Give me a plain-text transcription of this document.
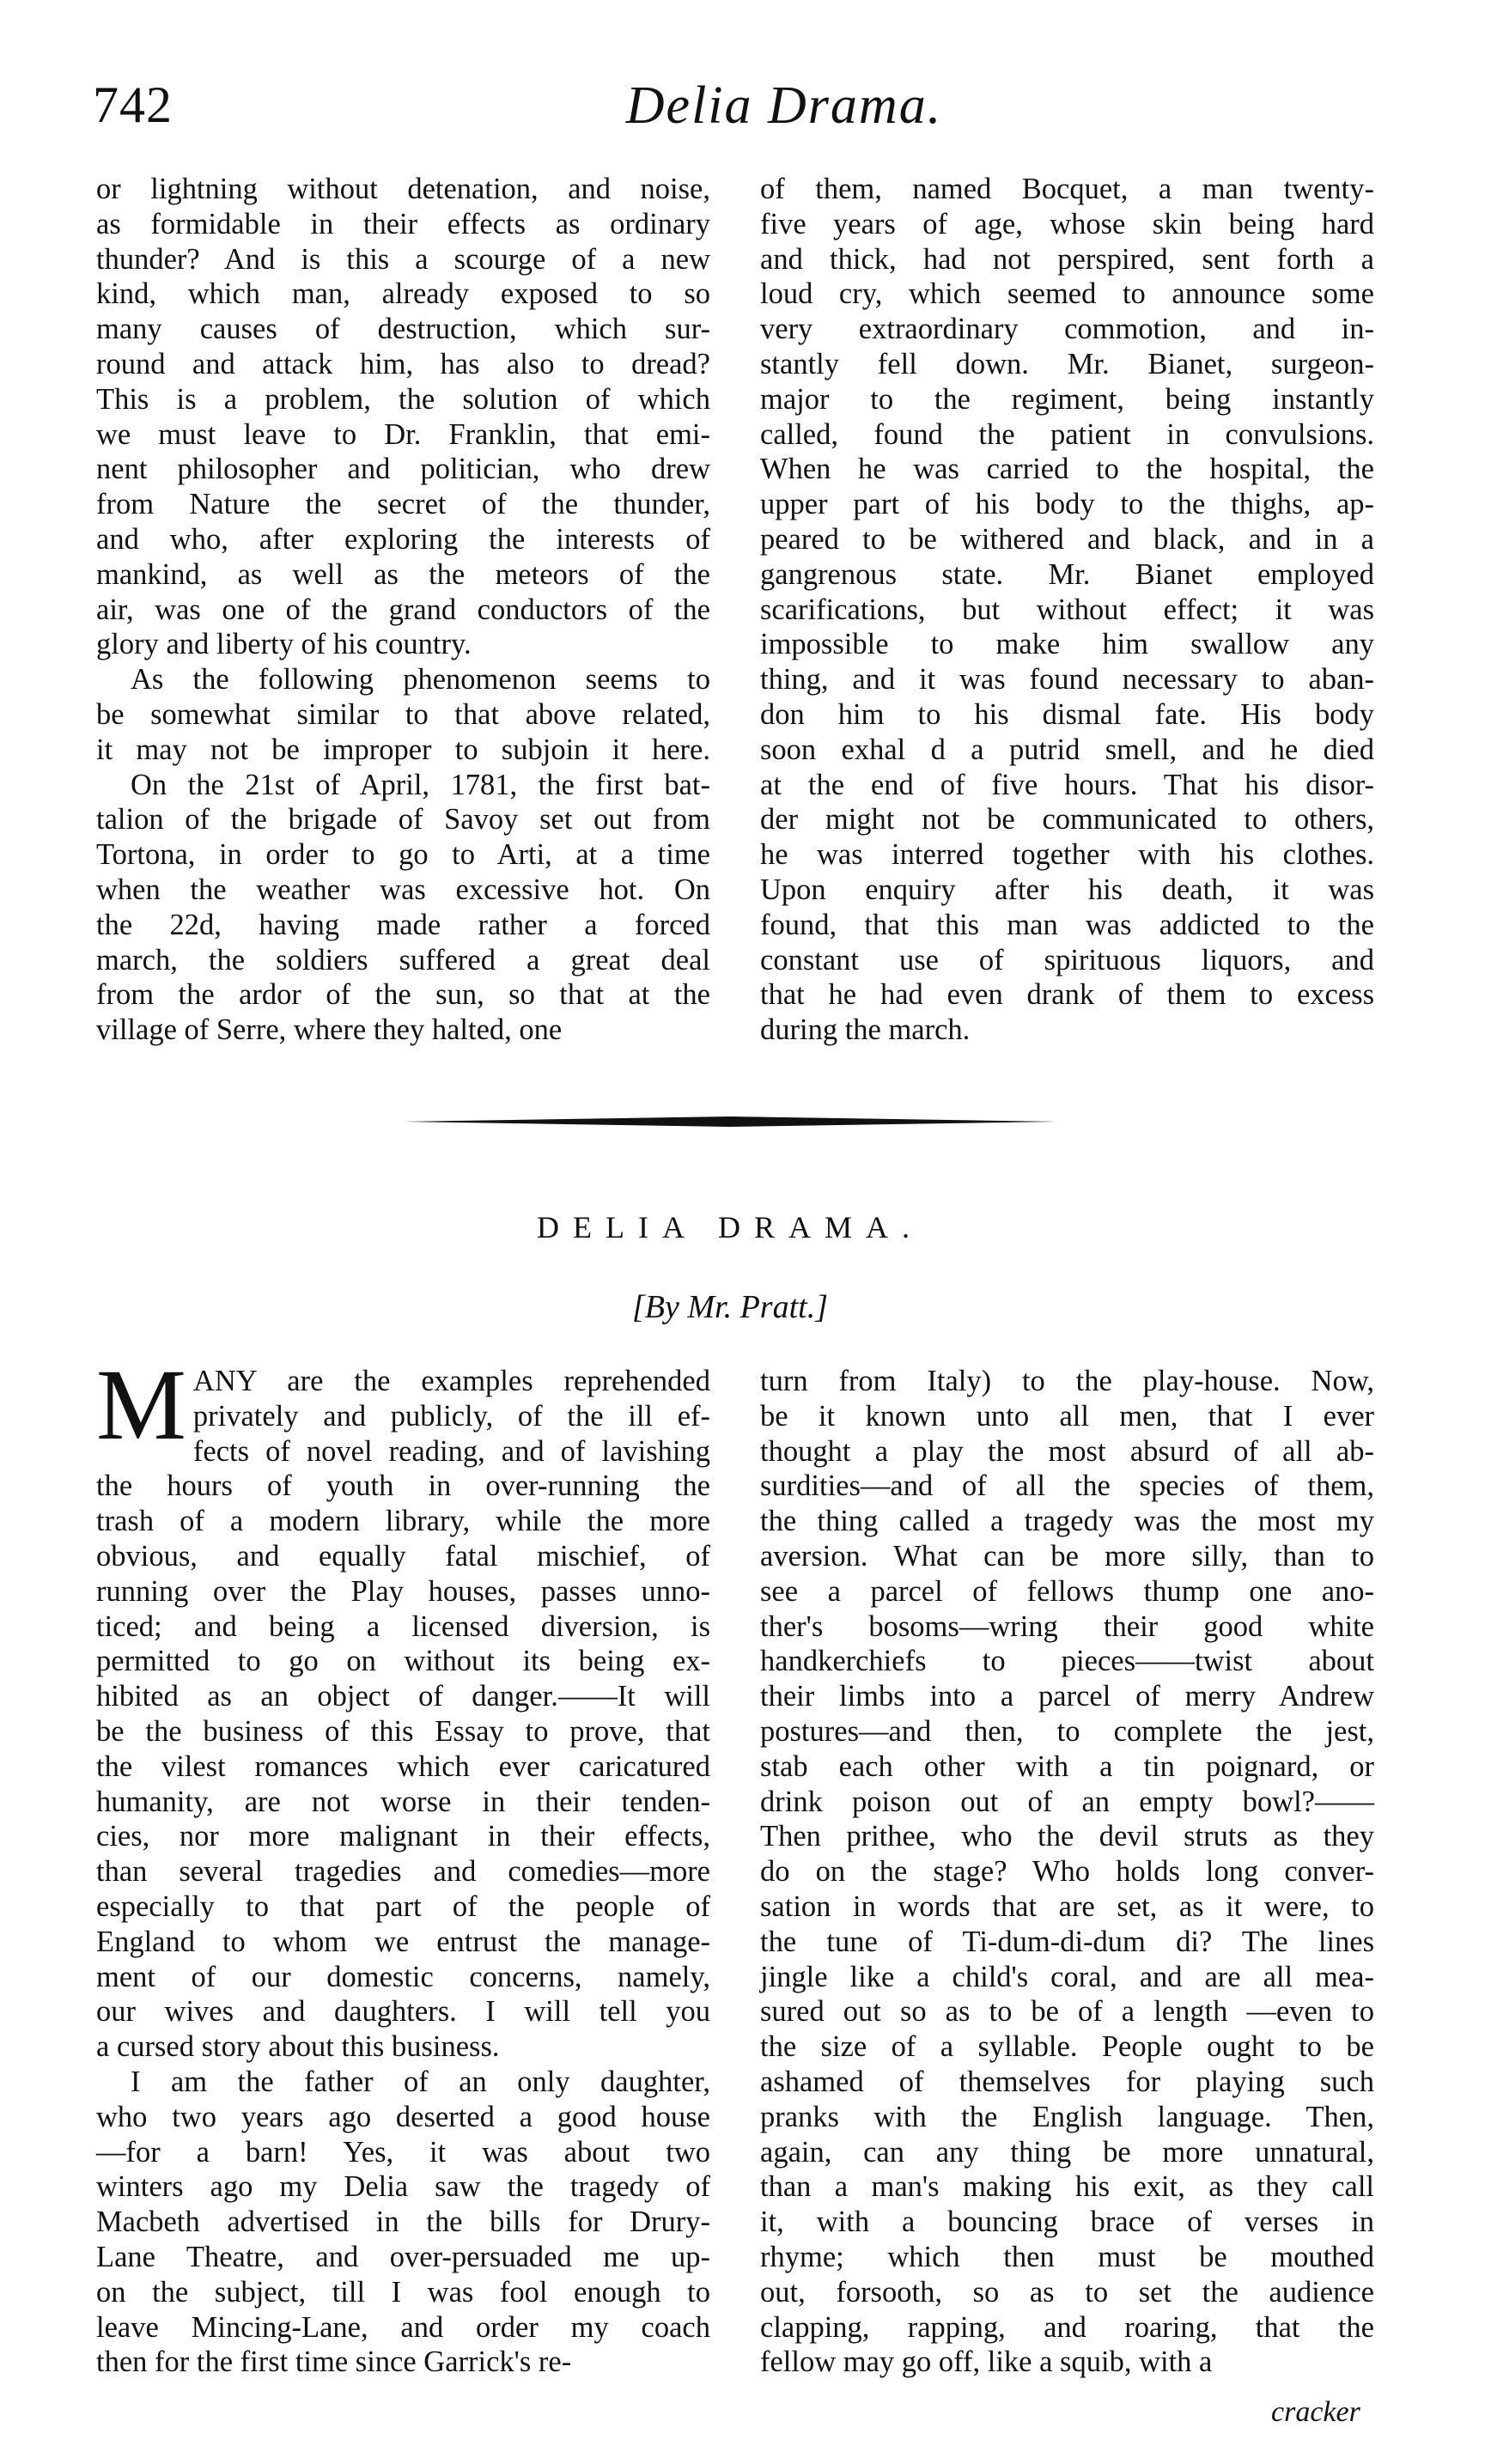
742	Delia Drama.
or lightning without detenation, and noise,
as formidable in their effects as ordinary
thunder? And is this a scourge of a new
kind, which man, already exposed to so
many causes of destruction, which sur-
round and attack him, has also to dread?
This is a problem, the solution of which
we must leave to Dr. Franklin, that emi-
nent philosopher and politician, who drew
from Nature the secret of the thunder,
and who, after exploring the interests of
mankind, as well as the meteors of the
air, was one of the grand conductors of the
glory and liberty of his country.
As the following phenomenon seems to
be somewhat similar to that above related,
it may not be improper to subjoin it here.
On the 21st of April, 1781, the first bat-
talion of the brigade of Savoy set out from
Tortona, in order to go to Arti, at a time
when the weather was excessive hot. On
the 22d, having made rather a forced
march, the soldiers suffered a great deal
from the ardor of the sun, so that at the
village of Serre, where they halted, one
of them, named Bocquet, a man twenty-
five years of age, whose skin being hard
and thick, had not perspired, sent forth a
loud cry, which seemed to announce some
very extraordinary commotion, and in-
stantly fell down. Mr. Bianet, surgeon-
major to the regiment, being instantly
called, found the patient in convulsions.
When he was carried to the hospital, the
upper part of his body to the thighs, ap-
peared to be withered and black, and in a
gangrenous state. Mr. Bianet employed
scarifications, but without effect; it was
impossible to make him swallow any
thing, and it was found necessary to aban-
don him to his dismal fate. His body
soon exhal d a putrid smell, and he died
at the end of five hours. That his disor-
der might not be communicated to others,
he was interred together with his clothes.
Upon enquiry after his death, it was
found, that this man was addicted to the
constant use of spirituous liquors, and
that he had even drank of them to excess
during the march.
DELIA DRAMA.
[By Mr. Pratt.]
M ANY are the examples reprehended
privately and publicly, of the ill ef-
fects of novel reading, and of lavishing
the hours of youth in over-running the
trash of a modern library, while the more
obvious, and equally fatal mischief, of
running over the Play houses, passes unno-
ticed; and being a licensed diversion, is
permitted to go on without its being ex-
hibited as an object of danger.——It will
be the business of this Essay to prove, that
the vilest romances which ever caricatured
humanity, are not worse in their tenden-
cies, nor more malignant in their effects,
than several tragedies and comedies—more
especially to that part of the people of
England to whom we entrust the manage-
ment of our domestic concerns, namely,
our wives and daughters. I will tell you
a cursed story about this business.
I am the father of an only daughter,
who two years ago deserted a good house
—for a barn! Yes, it was about two
winters ago my Delia saw the tragedy of
Macbeth advertised in the bills for Drury-
Lane Theatre, and over-persuaded me up-
on the subject, till I was fool enough to
leave Mincing-Lane, and order my coach
then for the first time since Garrick's re-
turn from Italy) to the play-house. Now,
be it known unto all men, that I ever
thought a play the most absurd of all ab-
surdities—and of all the species of them,
the thing called a tragedy was the most my
aversion. What can be more silly, than to
see a parcel of fellows thump one ano-
ther's bosoms—wring their good white
handkerchiefs to pieces——twist about
their limbs into a parcel of merry Andrew
postures—and then, to complete the jest,
stab each other with a tin poignard, or
drink poison out of an empty bowl?——
Then prithee, who the devil struts as they
do on the stage? Who holds long conver-
sation in words that are set, as it were, to
the tune of Ti-dum-di-dum di? The lines
jingle like a child's coral, and are all mea-
sured out so as to be of a length —even to
the size of a syllable. People ought to be
ashamed of themselves for playing such
pranks with the English language. Then,
again, can any thing be more unnatural,
than a man's making his exit, as they call
it, with a bouncing brace of verses in
rhyme; which then must be mouthed
out, forsooth, so as to set the audience
clapping, rapping, and roaring, that the
fellow may go off, like a squib, with a
cracker
